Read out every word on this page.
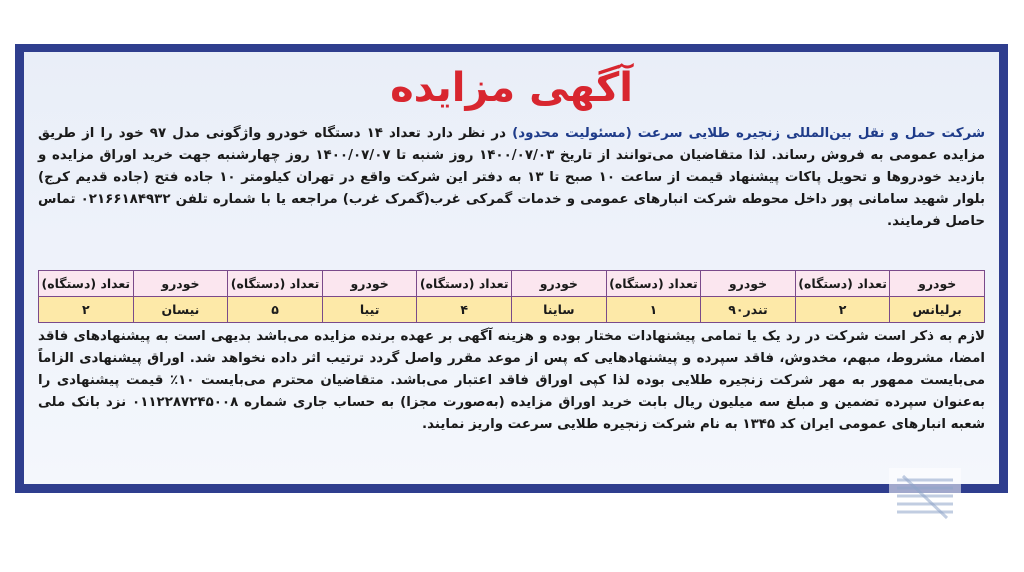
آگهی مزایده
شرکت حمل و نقل بین‌المللی زنجیره طلایی سرعت (مسئولیت محدود) در نظر دارد تعداد ۱۴ دستگاه خودرو واژگونی مدل ۹۷ خود را از طریق مزایده عمومی به فروش رساند. لذا متقاضیان می‌توانند از تاریخ ۱۴۰۰/۰۷/۰۳ روز شنبه تا ۱۴۰۰/۰۷/۰۷ روز چهارشنبه جهت خرید اوراق مزایده و بازدید خودروها و تحویل پاکات پیشنهاد قیمت از ساعت ۱۰ صبح تا ۱۳ به دفتر این شرکت واقع در تهران کیلومتر ۱۰ جاده فتح (جاده قدیم کرج) بلوار شهید سامانی پور داخل محوطه شرکت انبارهای عمومی و خدمات گمرکی غرب(گمرک غرب) مراجعه یا با شماره تلفن ۰۲۱۶۶۱۸۴۹۳۲ تماس حاصل فرمایند.
خودرو	تعداد (دستگاه)	خودرو	تعداد (دستگاه)	خودرو	تعداد (دستگاه)	خودرو	تعداد (دستگاه)	خودرو	تعداد (دستگاه)
برلیانس	۲	تندر۹۰	۱	ساینا	۴	تیبا	۵	نیسان	۲
لازم به ذکر است شرکت در رد یک یا تمامی پیشنهادات مختار بوده و هزینه آگهی بر عهده برنده مزایده می‌باشد بدیهی است به پیشنهادهای فاقد امضا، مشروط، مبهم، مخدوش، فاقد سپرده و پیشنهادهایی که پس از موعد مقرر واصل گردد ترتیب اثر داده نخواهد شد. اوراق پیشنهادی الزاماً می‌بایست ممهور به مهر شرکت زنجیره طلایی بوده لذا کپی اوراق فاقد اعتبار می‌باشد. متقاضیان محترم می‌بایست ۱۰٪ قیمت پیشنهادی را به‌عنوان سپرده تضمین و مبلغ سه میلیون ریال بابت خرید اوراق مزایده (به‌صورت مجزا) به حساب جاری شماره ۰۱۱۲۲۸۷۲۴۵۰۰۸ نزد بانک ملی شعبه انبارهای عمومی ایران کد ۱۳۴۵ به نام شرکت زنجیره طلایی سرعت واریز نمایند.
